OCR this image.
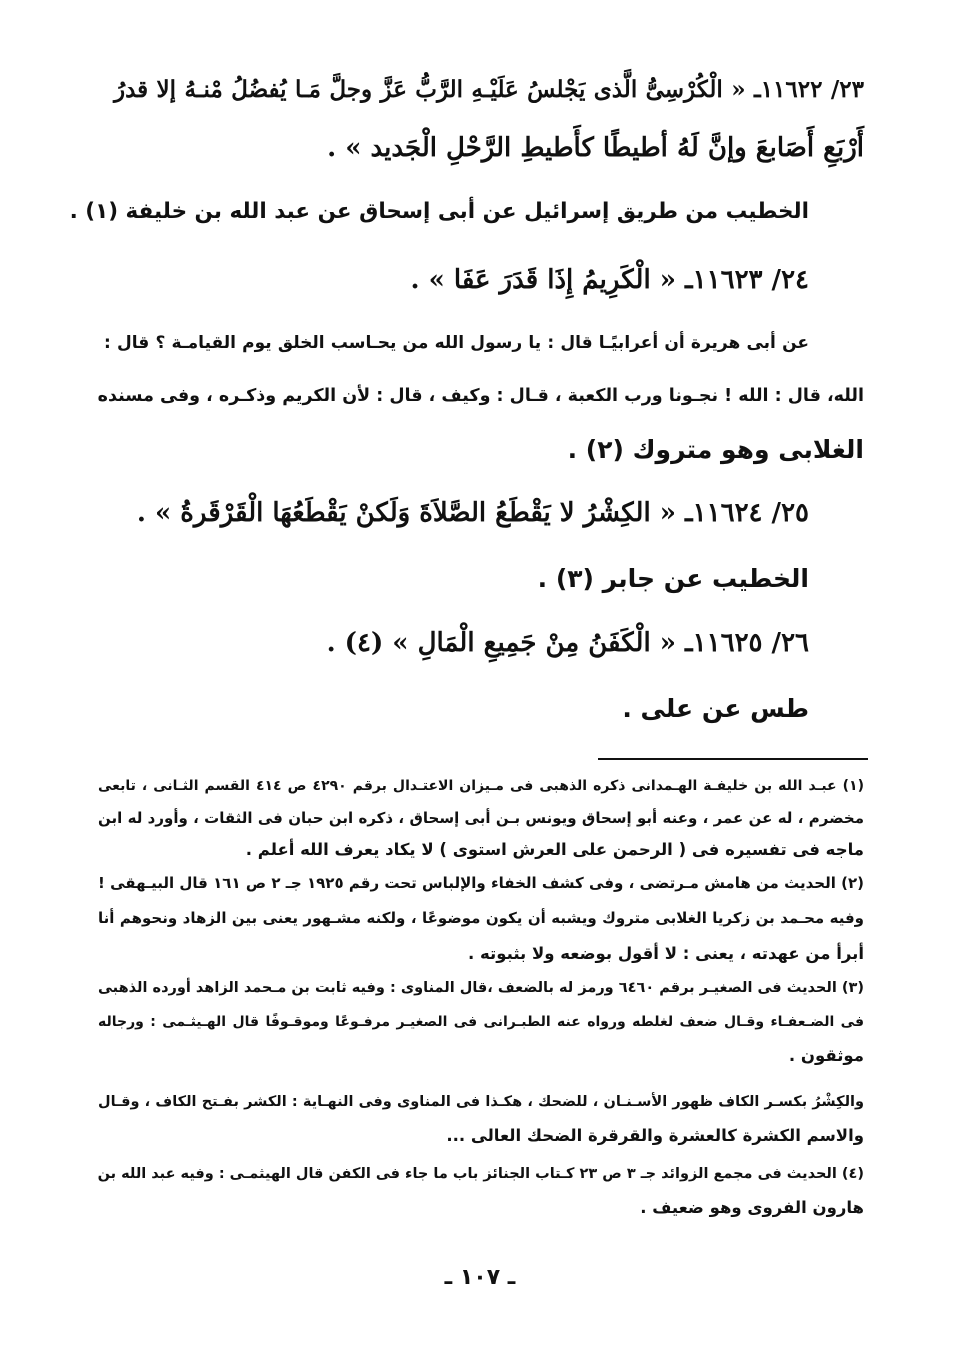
٢٣/ ١١٦٢٢ـ « الْكُرْسِىُّ الَّذى يَجْلسُ عَلَيْـهِ الرَّبُّ عَزَّ وجلَّ مَـا يُفضُلُ مْنـهُ إلا قدرُ
أَرْبَعِ أَصَابعَ وإنَّ لَهُ أطيطًا كأَطيطِ الرَّحْلِ الْجَديد » .
الخطيب من طريق إسرائيل عن أبى إسحاق عن عبد الله بن خليفة (١) .
٢٤/ ١١٦٢٣ـ « الْكَرِيمُ إِذَا قَدَرَ عَفَا » .
عن أبى هريرة أن أعرابيًـا قال : يا رسول الله من يحـاسب الخلق يوم القيامـة ؟ قال :
الله، قال : الله ! نجـونا ورب الكعبة ، قـال : وكيف ، قال : لأن الكريم وذكـره ، وفى مسنده
الغلابى وهو متروك (٢) .
٢٥/ ١١٦٢٤ـ « الكِشْرُ لا يَقْطَعُ الصَّلاَةَ وَلَكنْ يَقْطَعُهَا الْقَرْقَرةُ » .
الخطيب عن جابر (٣) .
٢٦/ ١١٦٢٥ـ « الْكَفَنُ مِنْ جَمِيعِ الْمَالِ » (٤) .
طس عن على .
(١) عبـد الله بن خليفـة الهـمدانى ذكره الذهبى فى مـيزان الاعتـدال برقم ٤٢٩٠ ص ٤١٤ القسم الثـانى ، تابعى
مخضرم ، له عن عمر ، وعنه أبو إسحاق ويونس بـن أبى إسحاق ، ذكره ابن حبان فى الثقات ، وأورد له ابن
ماجه فى تفسيره فى ( الرحمن على العرش استوى ) لا يكاد يعرف الله أعلم .
(٢) الحديث من هامش مـرتضى ، وفى كشف الخفاء والإلباس تحت رقم ١٩٢٥ جـ ٢ ص ١٦١ قال البيـهقى !
وفيه محـمد بن زكريا الغلابى متروك ويشبه أن يكون موضوعًا ، ولكنه مشـهور يعنى بين الزهاد ونحوهم أنا
أبرأ من عهدته ، يعنى : لا أقول بوضعه ولا بثبوته .
(٣) الحديث فى الصغيـر برقم ٦٤٦٠ ورمز له بالضعف ،قال المناوى : وفيه ثابت بن مـحمد الزاهد أورده الذهبى
فى الضـعفـاء وقـال ضعف لغلطه ورواه عنه الطبـرانى فى الصغيـر مرفـوعًا وموقـوفًا قال الهـيثـمى : ورجاله
موثقون .
والكِشْرُ بكسـر الكاف ظهور الأسـنـان ، للضحك ، هكـذا فى المناوى وفى النهـاية : الكشر بفـتح الكاف ، وقـال
والاسم الكشرة كالعشرة والقرقرة الضحك العالى ...
(٤) الحديث فى مجمع الزوائد جـ ٣ ص ٢٣ كـتاب الجنائز باب ما جاء فى الكفن قال الهيثمـى : وفيه عبد الله بن
هارون الفروى وهو ضعيف .
ـ ١٠٧ ـ
